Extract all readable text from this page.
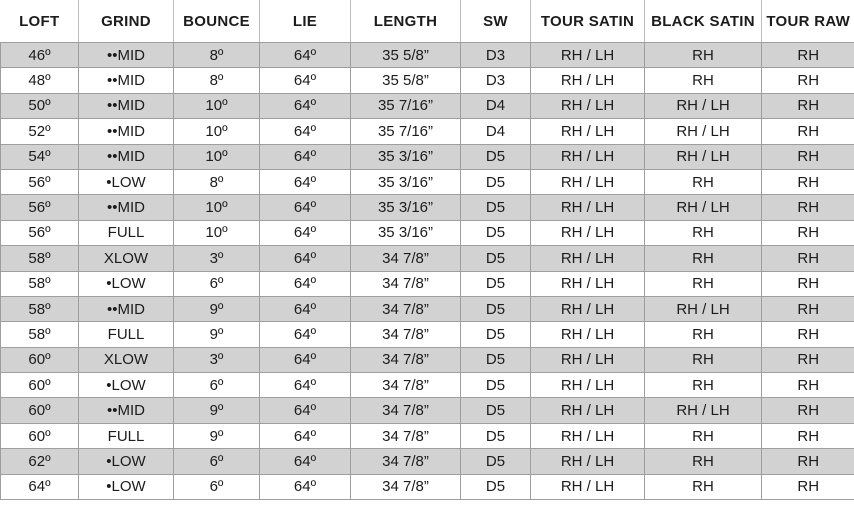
LOFT	GRIND	BOUNCE	LIE	LENGTH	SW	TOUR SATIN	BLACK SATIN	TOUR RAW
46º	••MID	8º	64º	35 5/8”	D3	RH / LH	RH	RH
48º	••MID	8º	64º	35 5/8”	D3	RH / LH	RH	RH
50º	••MID	10º	64º	35 7/16”	D4	RH / LH	RH / LH	RH
52º	••MID	10º	64º	35 7/16”	D4	RH / LH	RH / LH	RH
54º	••MID	10º	64º	35 3/16”	D5	RH / LH	RH / LH	RH
56º	•LOW	8º	64º	35 3/16”	D5	RH / LH	RH	RH
56º	••MID	10º	64º	35 3/16”	D5	RH / LH	RH / LH	RH
56º	FULL	10º	64º	35 3/16”	D5	RH / LH	RH	RH
58º	XLOW	3º	64º	34 7/8”	D5	RH / LH	RH	RH
58º	•LOW	6º	64º	34 7/8”	D5	RH / LH	RH	RH
58º	••MID	9º	64º	34 7/8”	D5	RH / LH	RH / LH	RH
58º	FULL	9º	64º	34 7/8”	D5	RH / LH	RH	RH
60º	XLOW	3º	64º	34 7/8”	D5	RH / LH	RH	RH
60º	•LOW	6º	64º	34 7/8”	D5	RH / LH	RH	RH
60º	••MID	9º	64º	34 7/8”	D5	RH / LH	RH / LH	RH
60º	FULL	9º	64º	34 7/8”	D5	RH / LH	RH	RH
62º	•LOW	6º	64º	34 7/8”	D5	RH / LH	RH	RH
64º	•LOW	6º	64º	34 7/8”	D5	RH / LH	RH	RH
